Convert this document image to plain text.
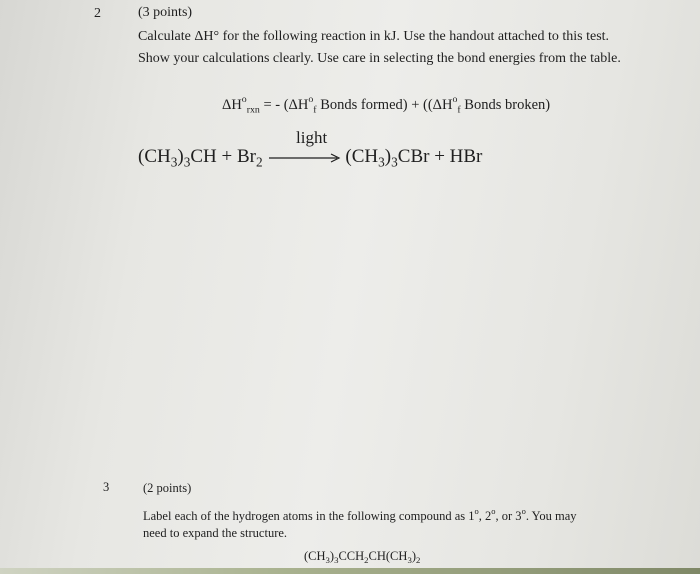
2	(3 points)
Calculate ΔH° for the following reaction in kJ. Use the handout attached to this test.
Show your calculations clearly. Use care in selecting the bond energies from the table.
$\Delta H^o_{rxn}$ = - ($\Delta H^o_f$ Bonds formed) + (($\Delta H^o_f$ Bonds broken)
$(CH_3)_3CH + Br_2$	$(CH_3)_3CBr$ + HBr
light
3	(2 points)
Label each of the hydrogen atoms in the following compound as 1$^o$, 2$^o$, or 3$^o$. You may
need to expand the structure.
$(CH_3)_3CCH_2CH(CH_3)_2$
